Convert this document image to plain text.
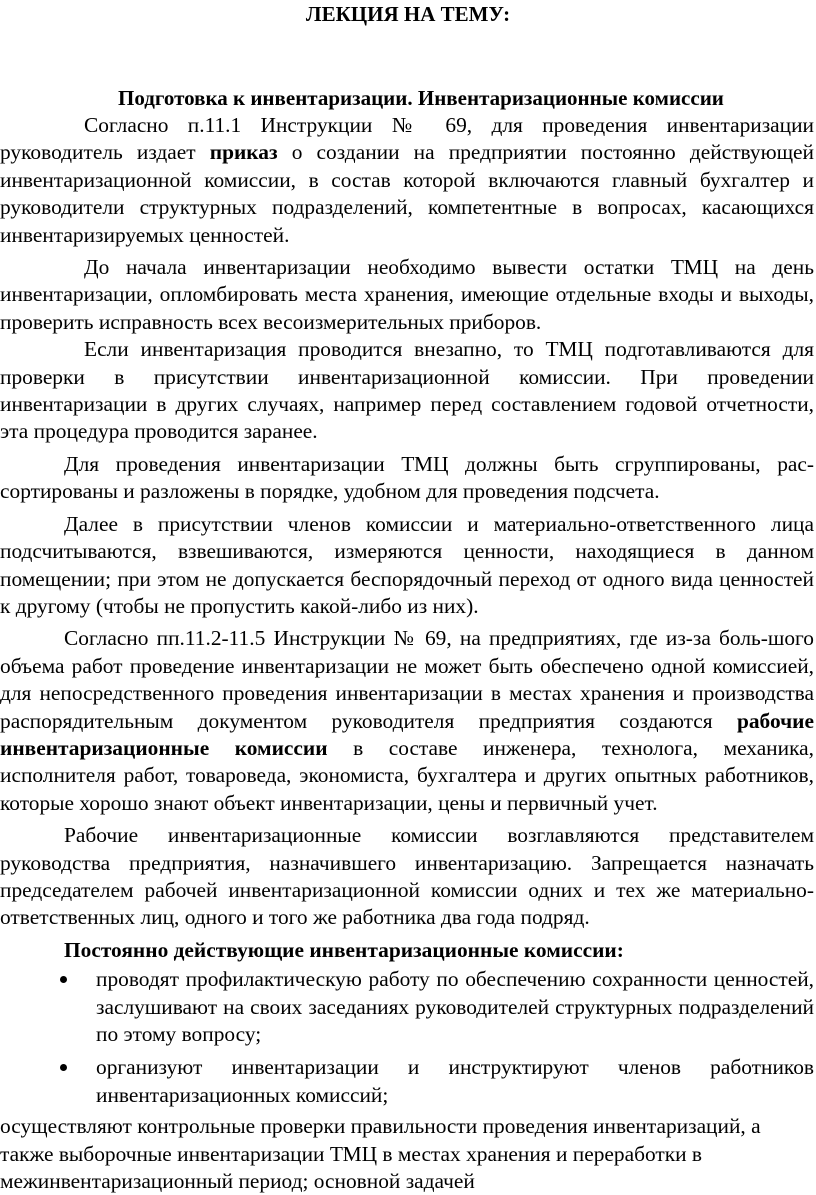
ЛЕКЦИЯ НА ТЕМУ:
Подготовка к инвентаризации. Инвентаризационные комиссии

Согласно п.11.1 Инструкции № 69, для проведения инвентаризации руководитель издает приказ о создании на предприятии постоянно действующей инвентаризационной комиссии, в состав которой включаются главный бухгалтер и руководители структурных подразделений, компетентные в вопросах, касающихся инвентаризируемых ценностей.

До начала инвентаризации необходимо вывести остатки ТМЦ на день инвентаризации, опломбировать места хранения, имеющие отдельные входы и выходы, проверить исправность всех весоизмерительных приборов.

Если инвентаризация проводится внезапно, то ТМЦ подготавливаются для проверки в присутствии инвентаризационной комиссии. При проведении инвентаризации в других случаях, например перед составлением годовой отчетности, эта процедура проводится заранее.

Для проведения инвентаризации ТМЦ должны быть сгруппированы, рас-сортированы и разложены в порядке, удобном для проведения подсчета.

Далее в присутствии членов комиссии и материально-ответственного лица подсчитываются, взвешиваются, измеряются ценности, находящиеся в данном помещении; при этом не допускается беспорядочный переход от одного вида ценностей к другому (чтобы не пропустить какой-либо из них).

Согласно пп.11.2-11.5 Инструкции № 69, на предприятиях, где из-за боль-шого объема работ проведение инвентаризации не может быть обеспечено одной комиссией, для непосредственного проведения инвентаризации в местах хранения и производства распорядительным документом руководителя предприятия создаются рабочие инвентаризационные комиссии в составе инженера, технолога, механика, исполнителя работ, товароведа, экономиста, бухгалтера и других опытных работников, которые хорошо знают объект инвентаризации, цены и первичный учет.

Рабочие инвентаризационные комиссии возглавляются представителем руководства предприятия, назначившего инвентаризацию. Запрещается назначать председателем рабочей инвентаризационной комиссии одних и тех же материально-ответственных лиц, одного и того же работника два года подряд.

Постоянно действующие инвентаризационные комиссии:

проводят профилактическую работу по обеспечению сохранности ценностей, заслушивают на своих заседаниях руководителей структурных подразделений по этому вопросу;
организуют инвентаризации и инструктируют членов работников инвентаризационных комиссий;

осуществляют контрольные проверки правильности проведения инвентаризаций, а также выборочные инвентаризации ТМЦ в местах хранения и переработки в межинвентаризационный период; основной задачей
